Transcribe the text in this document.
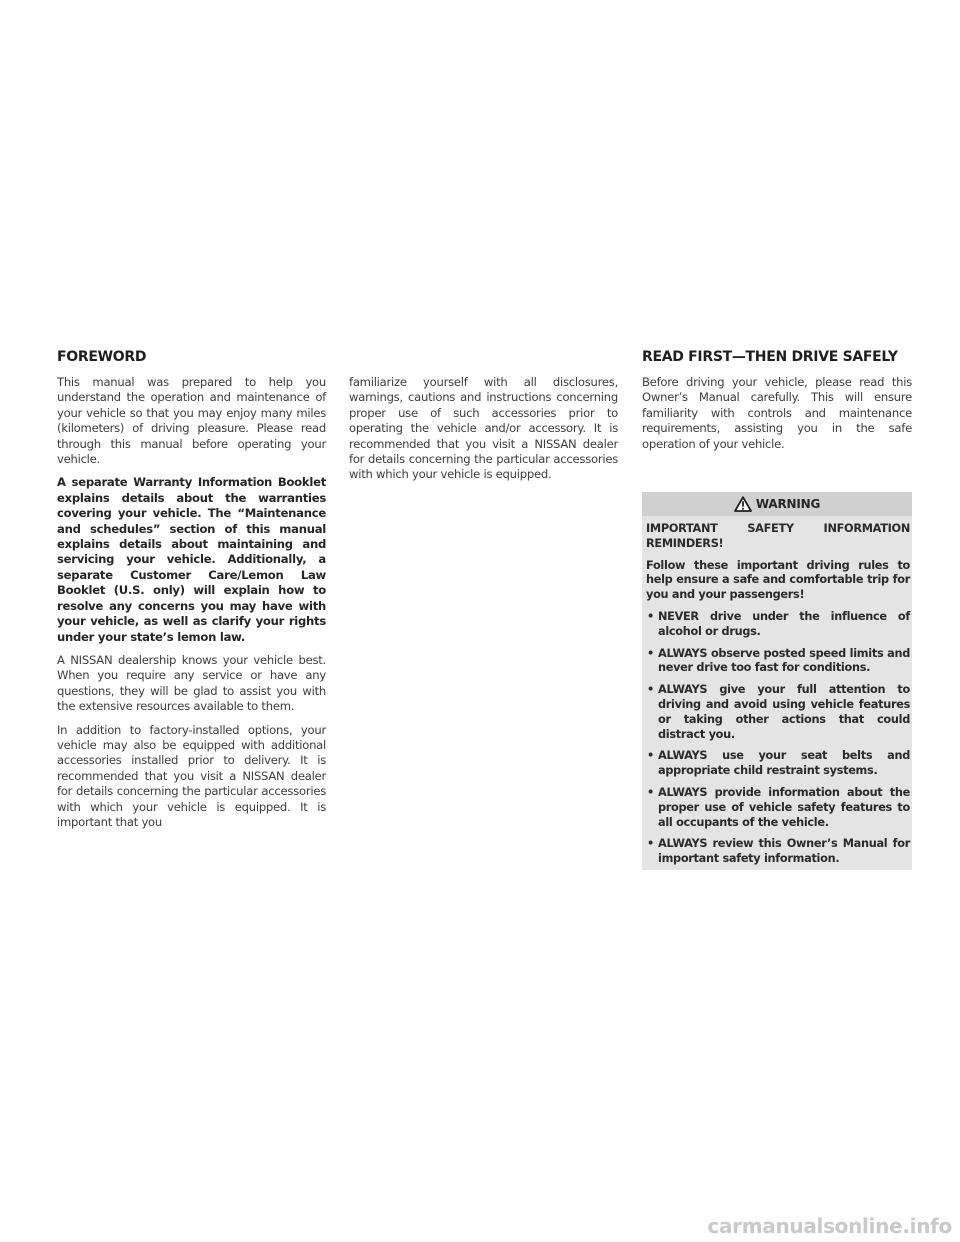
FOREWORD	READ FIRST—THEN DRIVE SAFELY

This manual was prepared to help you understand the operation and maintenance of your vehicle so that you may enjoy many miles (kilometers) of driving pleasure. Please read through this manual before operating your vehicle.

A separate Warranty Information Booklet explains details about the warranties covering your vehicle. The “Maintenance and schedules” section of this manual explains details about maintaining and servicing your vehicle. Additionally, a separate Customer Care/Lemon Law Booklet (U.S. only) will explain how to resolve any concerns you may have with your vehicle, as well as clarify your rights under your state’s lemon law.

A NISSAN dealership knows your vehicle best. When you require any service or have any questions, they will be glad to assist you with the extensive resources available to them.

In addition to factory-installed options, your vehicle may also be equipped with additional accessories installed prior to delivery. It is recommended that you visit a NISSAN dealer for details concerning the particular accessories with which your vehicle is equipped. It is important that you

familiarize yourself with all disclosures, warnings, cautions and instructions concerning proper use of such accessories prior to operating the vehicle and/or accessory. It is recommended that you visit a NISSAN dealer for details concerning the particular accessories with which your vehicle is equipped.

Before driving your vehicle, please read this Owner’s Manual carefully. This will ensure familiarity with controls and maintenance requirements, assisting you in the safe operation of your vehicle.

WARNING

IMPORTANT SAFETY INFORMATION REMINDERS!

Follow these important driving rules to help ensure a safe and comfortable trip for you and your passengers!

• NEVER drive under the influence of alcohol or drugs.
• ALWAYS observe posted speed limits and never drive too fast for conditions.
• ALWAYS give your full attention to driving and avoid using vehicle features or taking other actions that could distract you.
• ALWAYS use your seat belts and appropriate child restraint systems.
• ALWAYS provide information about the proper use of vehicle safety features to all occupants of the vehicle.
• ALWAYS review this Owner’s Manual for important safety information.
carmanualsonline.info
